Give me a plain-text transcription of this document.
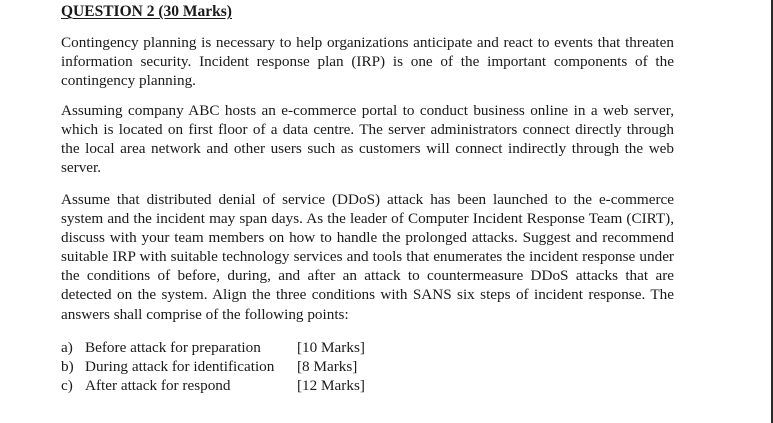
QUESTION 2 (30 Marks)

Contingency planning is necessary to help organizations anticipate and react to events that threaten information security. Incident response plan (IRP) is one of the important components of the contingency planning.

Assuming company ABC hosts an e-commerce portal to conduct business online in a web server, which is located on first floor of a data centre. The server administrators connect directly through the local area network and other users such as customers will connect indirectly through the web server.

Assume that distributed denial of service (DDoS) attack has been launched to the e-commerce system and the incident may span days. As the leader of Computer Incident Response Team (CIRT), discuss with your team members on how to handle the prolonged attacks. Suggest and recommend suitable IRP with suitable technology services and tools that enumerates the incident response under the conditions of before, during, and after an attack to countermeasure DDoS attacks that are detected on the system. Align the three conditions with SANS six steps of incident response. The answers shall comprise of the following points:

a) Before attack for preparation	[10 Marks]
b) During attack for identification	[8 Marks]
c) After attack for respond	[12 Marks]
